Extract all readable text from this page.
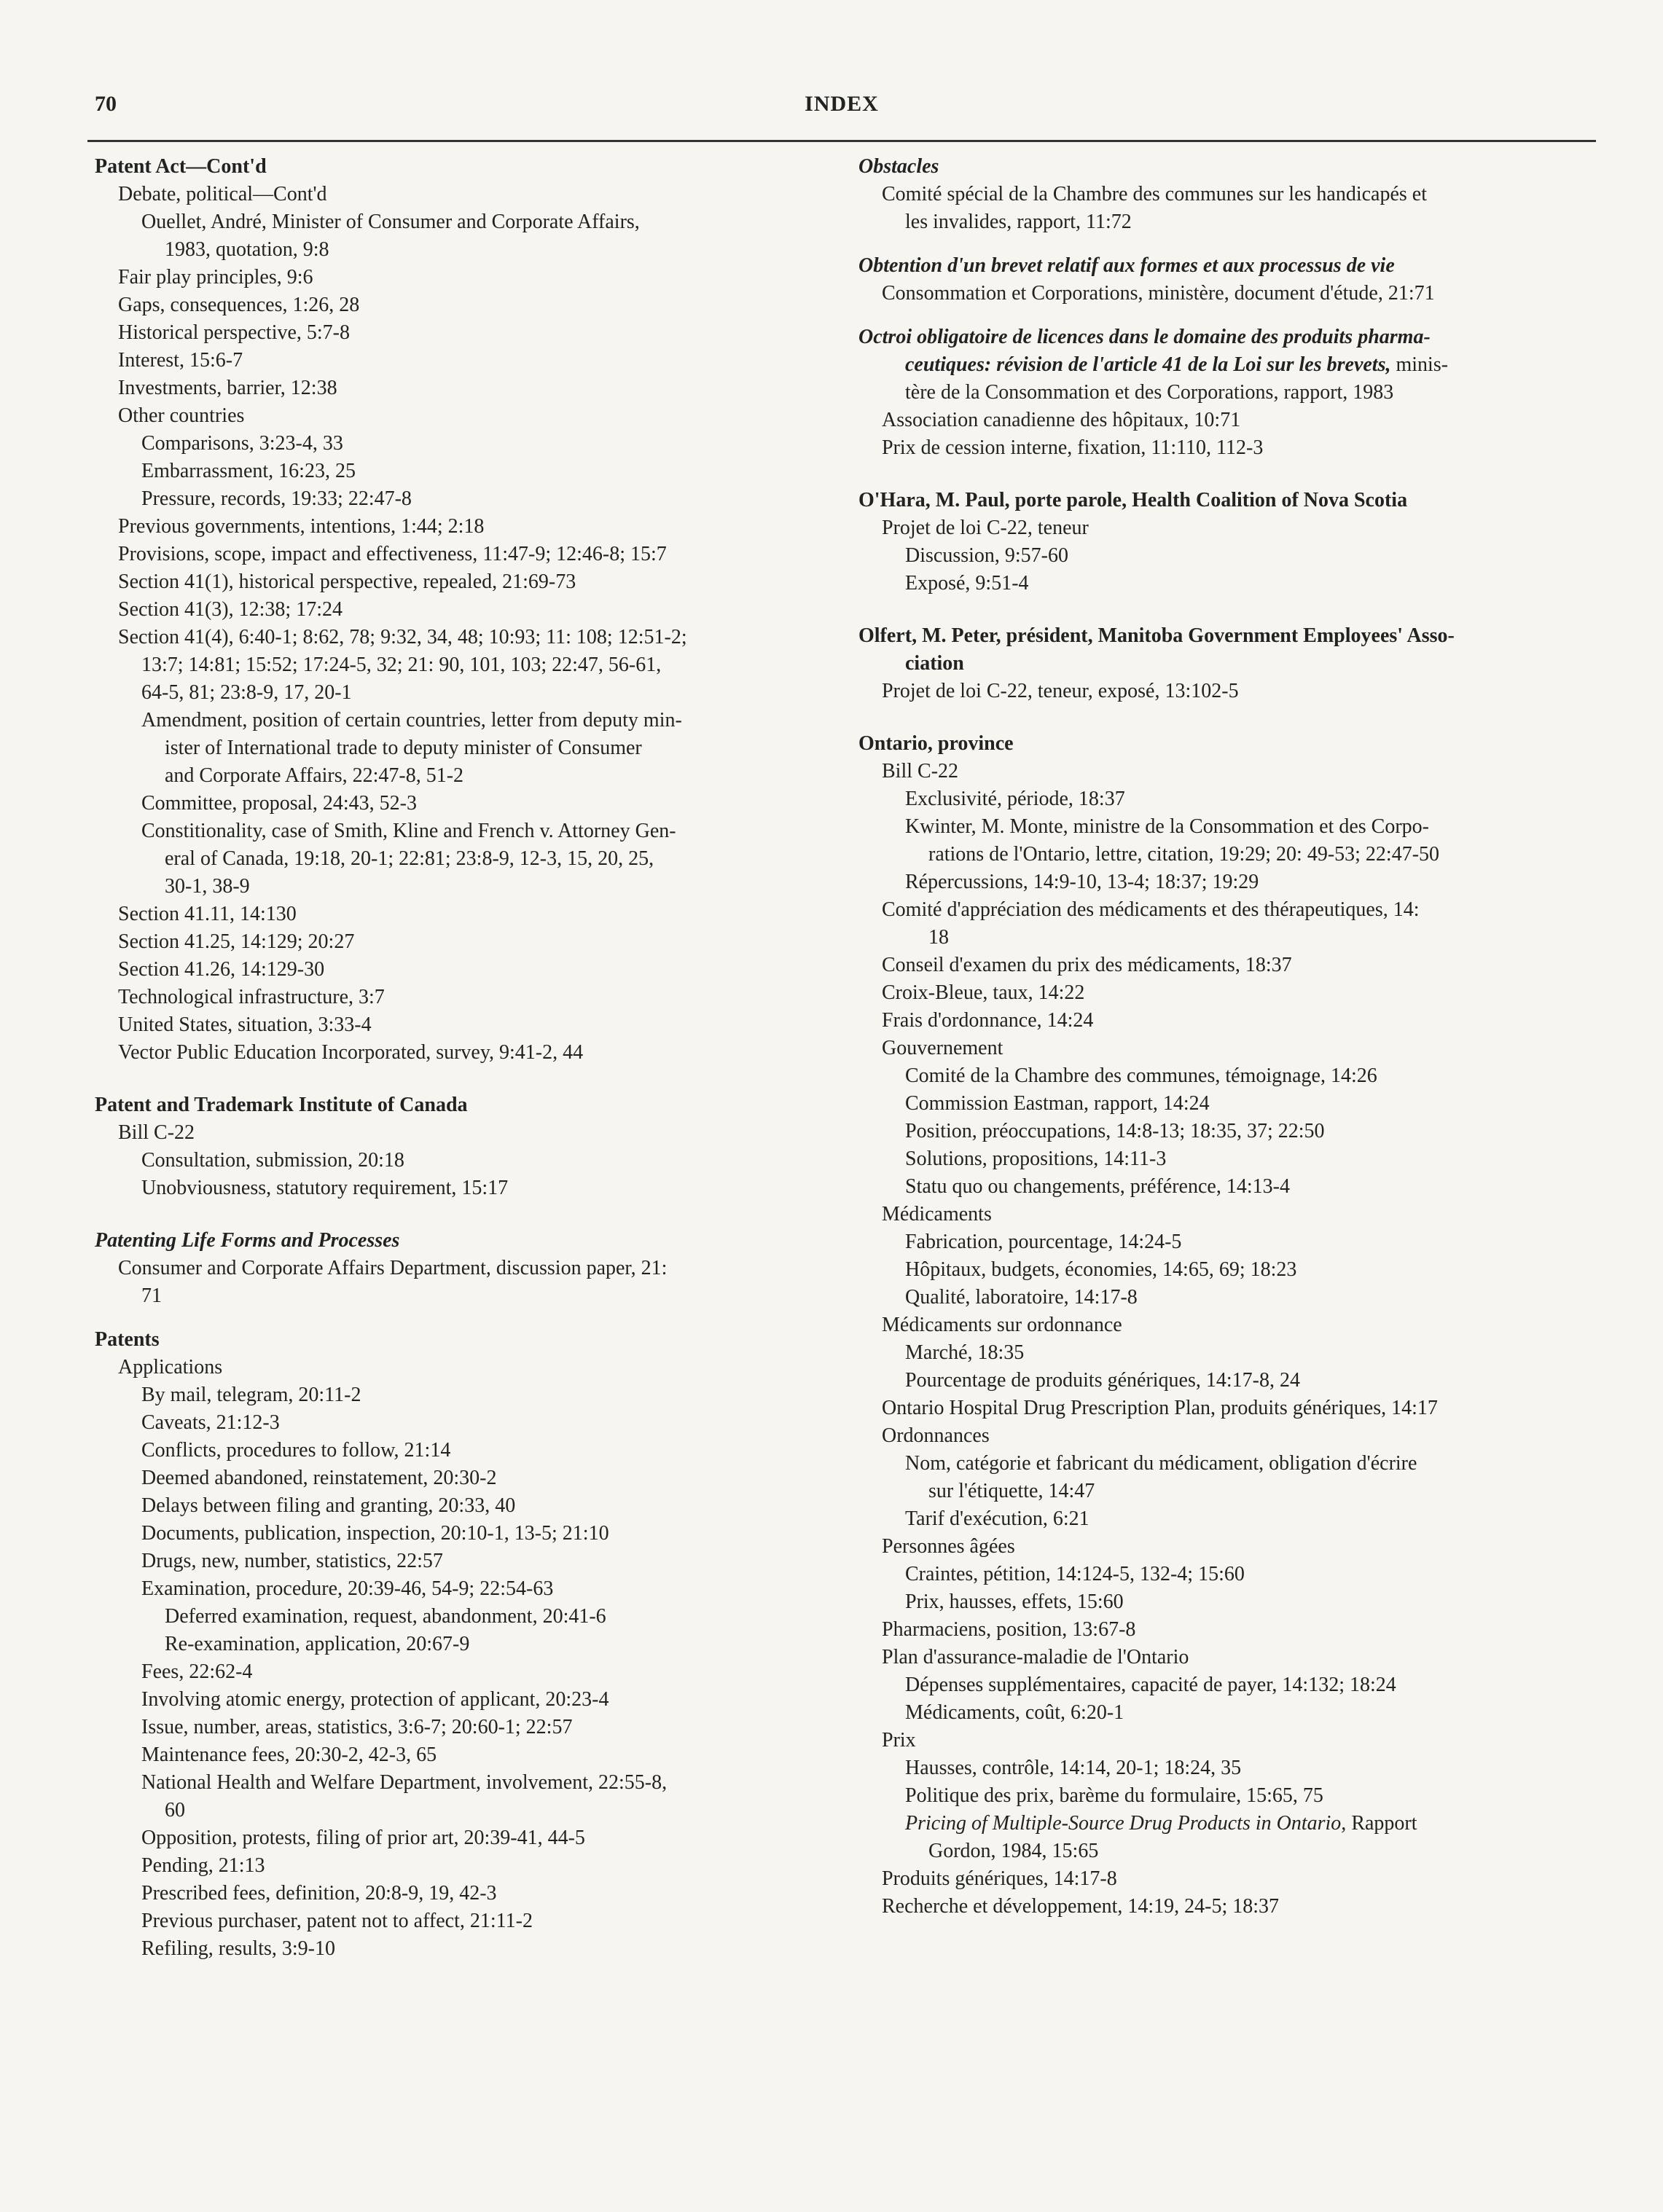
70	INDEX
Patent Act—Cont'd
Debate, political—Cont'd
Ouellet, André, Minister of Consumer and Corporate Affairs,
1983, quotation, 9:8
Fair play principles, 9:6
Gaps, consequences, 1:26, 28
Historical perspective, 5:7-8
Interest, 15:6-7
Investments, barrier, 12:38
Other countries
Comparisons, 3:23-4, 33
Embarrassment, 16:23, 25
Pressure, records, 19:33; 22:47-8
Previous governments, intentions, 1:44; 2:18
Provisions, scope, impact and effectiveness, 11:47-9; 12:46-8; 15:7
Section 41(1), historical perspective, repealed, 21:69-73
Section 41(3), 12:38; 17:24
Section 41(4), 6:40-1; 8:62, 78; 9:32, 34, 48; 10:93; 11: 108; 12:51-2;
13:7; 14:81; 15:52; 17:24-5, 32; 21: 90, 101, 103; 22:47, 56-61,
64-5, 81; 23:8-9, 17, 20-1
Amendment, position of certain countries, letter from deputy min-
ister of International trade to deputy minister of Consumer
and Corporate Affairs, 22:47-8, 51-2
Committee, proposal, 24:43, 52-3
Constitionality, case of Smith, Kline and French v. Attorney Gen-
eral of Canada, 19:18, 20-1; 22:81; 23:8-9, 12-3, 15, 20, 25,
30-1, 38-9
Section 41.11, 14:130
Section 41.25, 14:129; 20:27
Section 41.26, 14:129-30
Technological infrastructure, 3:7
United States, situation, 3:33-4
Vector Public Education Incorporated, survey, 9:41-2, 44
Patent and Trademark Institute of Canada
Bill C-22
Consultation, submission, 20:18
Unobviousness, statutory requirement, 15:17
Patenting Life Forms and Processes
Consumer and Corporate Affairs Department, discussion paper, 21:
71
Patents
Applications
By mail, telegram, 20:11-2
Caveats, 21:12-3
Conflicts, procedures to follow, 21:14
Deemed abandoned, reinstatement, 20:30-2
Delays between filing and granting, 20:33, 40
Documents, publication, inspection, 20:10-1, 13-5; 21:10
Drugs, new, number, statistics, 22:57
Examination, procedure, 20:39-46, 54-9; 22:54-63
Deferred examination, request, abandonment, 20:41-6
Re-examination, application, 20:67-9
Fees, 22:62-4
Involving atomic energy, protection of applicant, 20:23-4
Issue, number, areas, statistics, 3:6-7; 20:60-1; 22:57
Maintenance fees, 20:30-2, 42-3, 65
National Health and Welfare Department, involvement, 22:55-8,
60
Opposition, protests, filing of prior art, 20:39-41, 44-5
Pending, 21:13
Prescribed fees, definition, 20:8-9, 19, 42-3
Previous purchaser, patent not to affect, 21:11-2
Refiling, results, 3:9-10
Obstacles
Comité spécial de la Chambre des communes sur les handicapés et
les invalides, rapport, 11:72
Obtention d'un brevet relatif aux formes et aux processus de vie
Consommation et Corporations, ministère, document d'étude, 21:71
Octroi obligatoire de licences dans le domaine des produits pharma-
ceutiques: révision de l'article 41 de la Loi sur les brevets, minis-
tère de la Consommation et des Corporations, rapport, 1983
Association canadienne des hôpitaux, 10:71
Prix de cession interne, fixation, 11:110, 112-3
O'Hara, M. Paul, porte parole, Health Coalition of Nova Scotia
Projet de loi C-22, teneur
Discussion, 9:57-60
Exposé, 9:51-4
Olfert, M. Peter, président, Manitoba Government Employees' Asso-
ciation
Projet de loi C-22, teneur, exposé, 13:102-5
Ontario, province
Bill C-22
Exclusivité, période, 18:37
Kwinter, M. Monte, ministre de la Consommation et des Corpo-
rations de l'Ontario, lettre, citation, 19:29; 20: 49-53; 22:47-50
Répercussions, 14:9-10, 13-4; 18:37; 19:29
Comité d'appréciation des médicaments et des thérapeutiques, 14:
18
Conseil d'examen du prix des médicaments, 18:37
Croix-Bleue, taux, 14:22
Frais d'ordonnance, 14:24
Gouvernement
Comité de la Chambre des communes, témoignage, 14:26
Commission Eastman, rapport, 14:24
Position, préoccupations, 14:8-13; 18:35, 37; 22:50
Solutions, propositions, 14:11-3
Statu quo ou changements, préférence, 14:13-4
Médicaments
Fabrication, pourcentage, 14:24-5
Hôpitaux, budgets, économies, 14:65, 69; 18:23
Qualité, laboratoire, 14:17-8
Médicaments sur ordonnance
Marché, 18:35
Pourcentage de produits génériques, 14:17-8, 24
Ontario Hospital Drug Prescription Plan, produits génériques, 14:17
Ordonnances
Nom, catégorie et fabricant du médicament, obligation d'écrire
sur l'étiquette, 14:47
Tarif d'exécution, 6:21
Personnes âgées
Craintes, pétition, 14:124-5, 132-4; 15:60
Prix, hausses, effets, 15:60
Pharmaciens, position, 13:67-8
Plan d'assurance-maladie de l'Ontario
Dépenses supplémentaires, capacité de payer, 14:132; 18:24
Médicaments, coût, 6:20-1
Prix
Hausses, contrôle, 14:14, 20-1; 18:24, 35
Politique des prix, barème du formulaire, 15:65, 75
Pricing of Multiple-Source Drug Products in Ontario, Rapport
Gordon, 1984, 15:65
Produits génériques, 14:17-8
Recherche et développement, 14:19, 24-5; 18:37
